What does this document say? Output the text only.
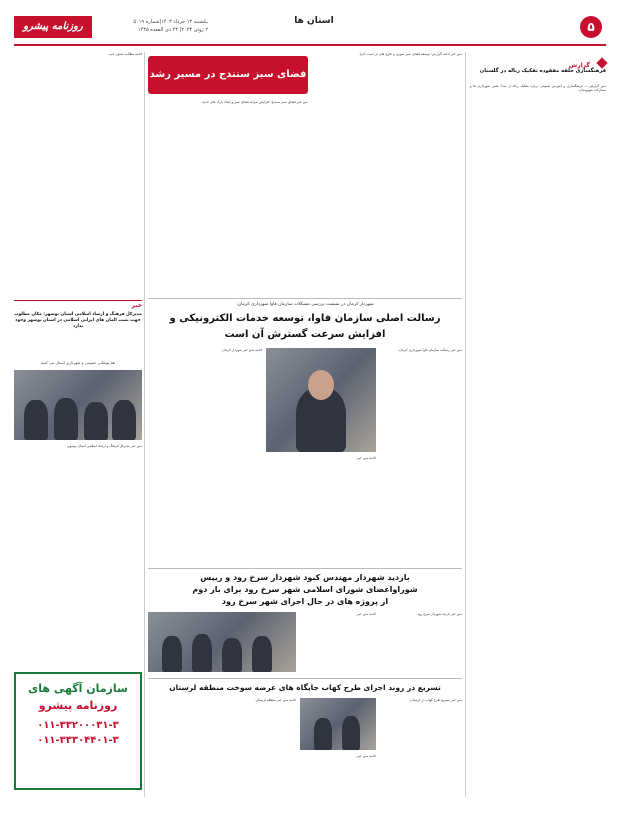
روزنامه پیشرو	یکشنبه ۱۳ خرداد ۱۴۰۳|شماره ۵۰۱۹
۲ ژوئن ۲۰۲۴| ۲۴ ذی القعده ۱۴۴۵
استان ها	۵
گزارش
فرهنگسازی حلقه مفقوده تفکیک زباله در گلستان
متن گزارش — فرهنگسازی و آموزش عمومی درباره تفکیک زباله از مبدأ، نقش شهرداری ها و مشارکت شهروندان.
متن خبر ادامه گزارش؛ توسعه فضای سبز شهری و طرح های در دست اجرا.
فضای سبز سنندج در مسیر رشد
متن خبر فضای سبز سنندج؛ افزایش سرانه فضای سبز و ایجاد پارک های جدید.
ادامه مطالب ستون چپ.
خبر
مدیرکل فرهنگ و ارشاد اسلامی استان بوشهر: مکان مطلوب جهت نصب المان های ایرانی اسلامی در استان بوشهر وجود ندارد
هم پوشانی عمومی و شهرداری استان می کنیم
متن خبر مدیرکل فرهنگ و ارشاد اسلامی استان بوشهر.
سازمان آگهی های
روزنامه پیشرو
۰۱۱-۳۳۲۰۰۰۳۱-۳
۰۱۱-۳۳۳۰۴۴۰۱-۳
شهردار کرمان در نشست بررسی مشکلات سازمان فاوا شهرداری کرمان:
رسالت اصلی سازمان فاوا، توسعه خدمات الکترونیکی و
افزایش سرعت گسترش آن است
متن خبر رسالت سازمان فاوا شهرداری کرمان.
ادامه متن خبر.
ادامه متن خبر شهردار کرمان.
بازدید شهردار مهندس کبود شهردار سرخ رود و رییس
شوراواعضای شورای اسلامی شهر سرخ رود برای باز دوم
از پروژه های در حال اجرای شهر سرخ رود
متن خبر بازدید شهردار سرخ رود.
ادامه متن خبر.
تسریع در روند اجرای طرح کهاب جایگاه های عرضه سوخت منطقه لرستان
متن خبر تسریع طرح کهاب در لرستان.
ادامه متن خبر.
ادامه متن خبر منطقه لرستان.
